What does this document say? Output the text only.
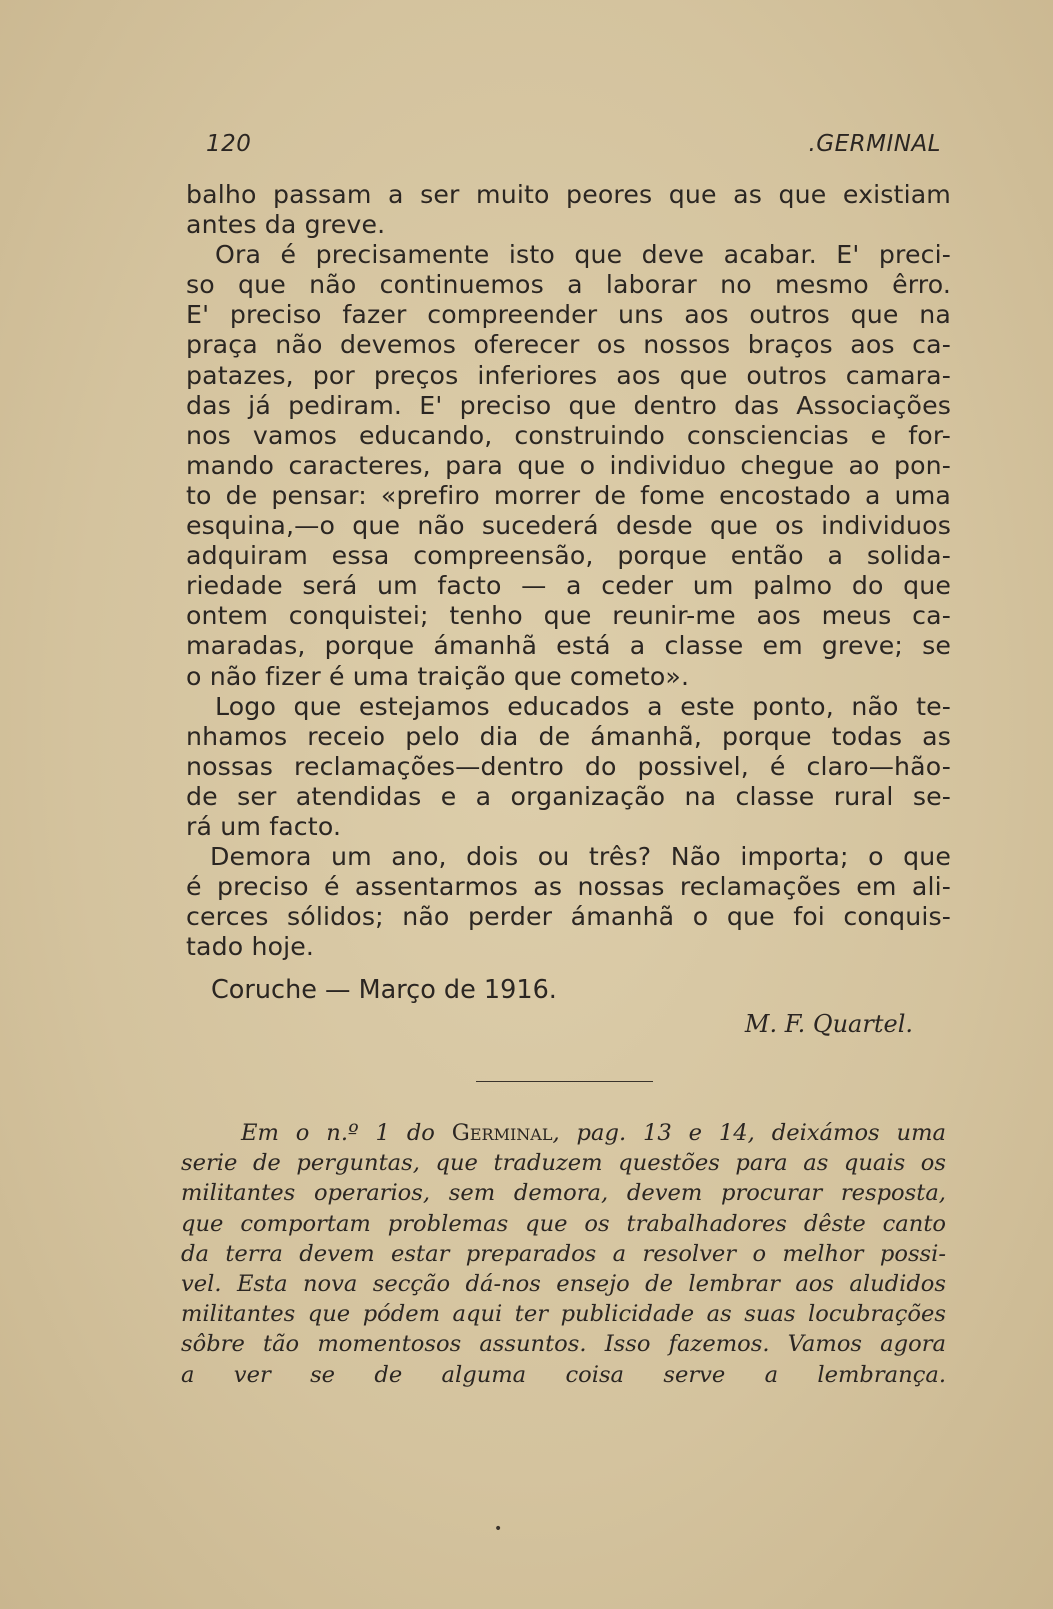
120	.GERMINAL
balho passam a ser muito peores que as que existiam
antes da greve.
Ora é precisamente isto que deve acabar. E' preci-
so que não continuemos a laborar no mesmo êrro.
E' preciso fazer compreender uns aos outros que na
praça não devemos oferecer os nossos braços aos ca-
patazes, por preços inferiores aos que outros camara-
das já pediram. E' preciso que dentro das Associações
nos vamos educando, construindo consciencias e for-
mando caracteres, para que o individuo chegue ao pon-
to de pensar: «prefiro morrer de fome encostado a uma
esquina,—o que não sucederá desde que os individuos
adquiram essa compreensão, porque então a solida-
riedade será um facto — a ceder um palmo do que
ontem conquistei; tenho que reunir-me aos meus ca-
maradas, porque ámanhã está a classe em greve; se
o não fizer é uma traição que cometo».
Logo que estejamos educados a este ponto, não te-
nhamos receio pelo dia de ámanhã, porque todas as
nossas reclamações—dentro do possivel, é claro—hão-
de ser atendidas e a organização na classe rural se-
rá um facto.
Demora um ano, dois ou três? Não importa; o que
é preciso é assentarmos as nossas reclamações em ali-
cerces sólidos; não perder ámanhã o que foi conquis-
tado hoje.
Coruche — Março de 1916.
M. F. Quartel.
Em o n.º 1 do Germinal, pag. 13 e 14, deixámos uma
serie de perguntas, que traduzem questões para as quais os
militantes operarios, sem demora, devem procurar resposta,
que comportam problemas que os trabalhadores dêste canto
da terra devem estar preparados a resolver o melhor possi-
vel. Esta nova secção dá-nos ensejo de lembrar aos aludidos
militantes que pódem aqui ter publicidade as suas locubrações
sôbre tão momentosos assuntos. Isso fazemos. Vamos agora
a ver se de alguma coisa serve a lembrança.
•
